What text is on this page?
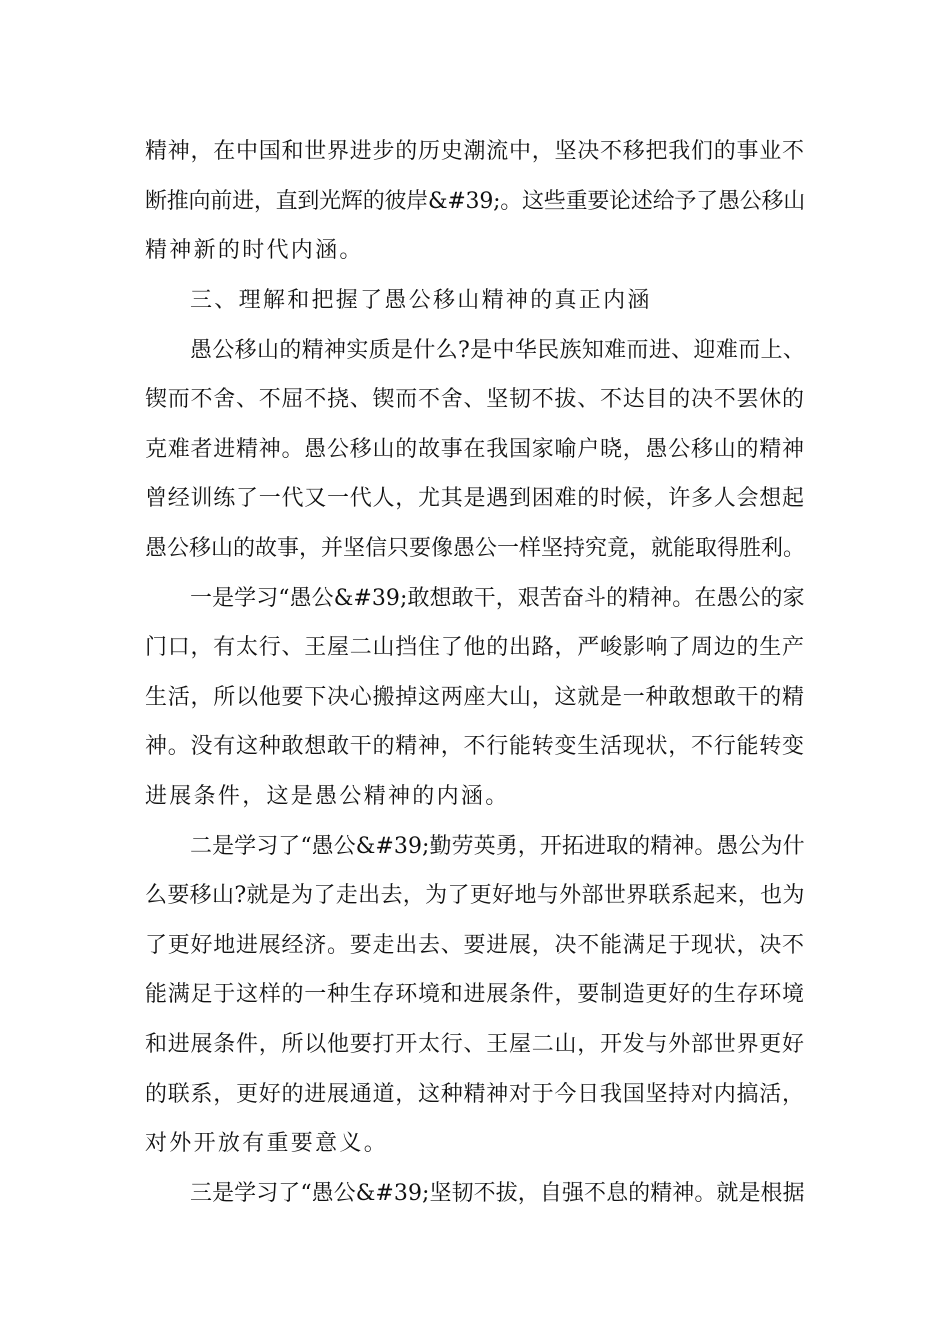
精神，在中国和世界进步的历史潮流中，坚决不移把我们的事业不
断推向前进，直到光辉的彼岸&#39;。这些重要论述给予了愚公移山
精神新的时代内涵。
三、理解和把握了愚公移山精神的真正内涵
愚公移山的精神实质是什么?是中华民族知难而进、迎难而上、
锲而不舍、不屈不挠、锲而不舍、坚韧不拔、不达目的决不罢休的
克难者进精神。愚公移山的故事在我国家喻户晓，愚公移山的精神
曾经训练了一代又一代人，尤其是遇到困难的时候，许多人会想起
愚公移山的故事，并坚信只要像愚公一样坚持究竟，就能取得胜利。
一是学习“愚公&#39;敢想敢干，艰苦奋斗的精神。在愚公的家
门口，有太行、王屋二山挡住了他的出路，严峻影响了周边的生产
生活，所以他要下决心搬掉这两座大山，这就是一种敢想敢干的精
神。没有这种敢想敢干的精神，不行能转变生活现状，不行能转变
进展条件，这是愚公精神的内涵。
二是学习了“愚公&#39;勤劳英勇，开拓进取的精神。愚公为什
么要移山?就是为了走出去，为了更好地与外部世界联系起来，也为
了更好地进展经济。要走出去、要进展，决不能满足于现状，决不
能满足于这样的一种生存环境和进展条件，要制造更好的生存环境
和进展条件，所以他要打开太行、王屋二山，开发与外部世界更好
的联系，更好的进展通道，这种精神对于今日我国坚持对内搞活，
对外开放有重要意义。
三是学习了“愚公&#39;坚韧不拔，自强不息的精神。就是根据
